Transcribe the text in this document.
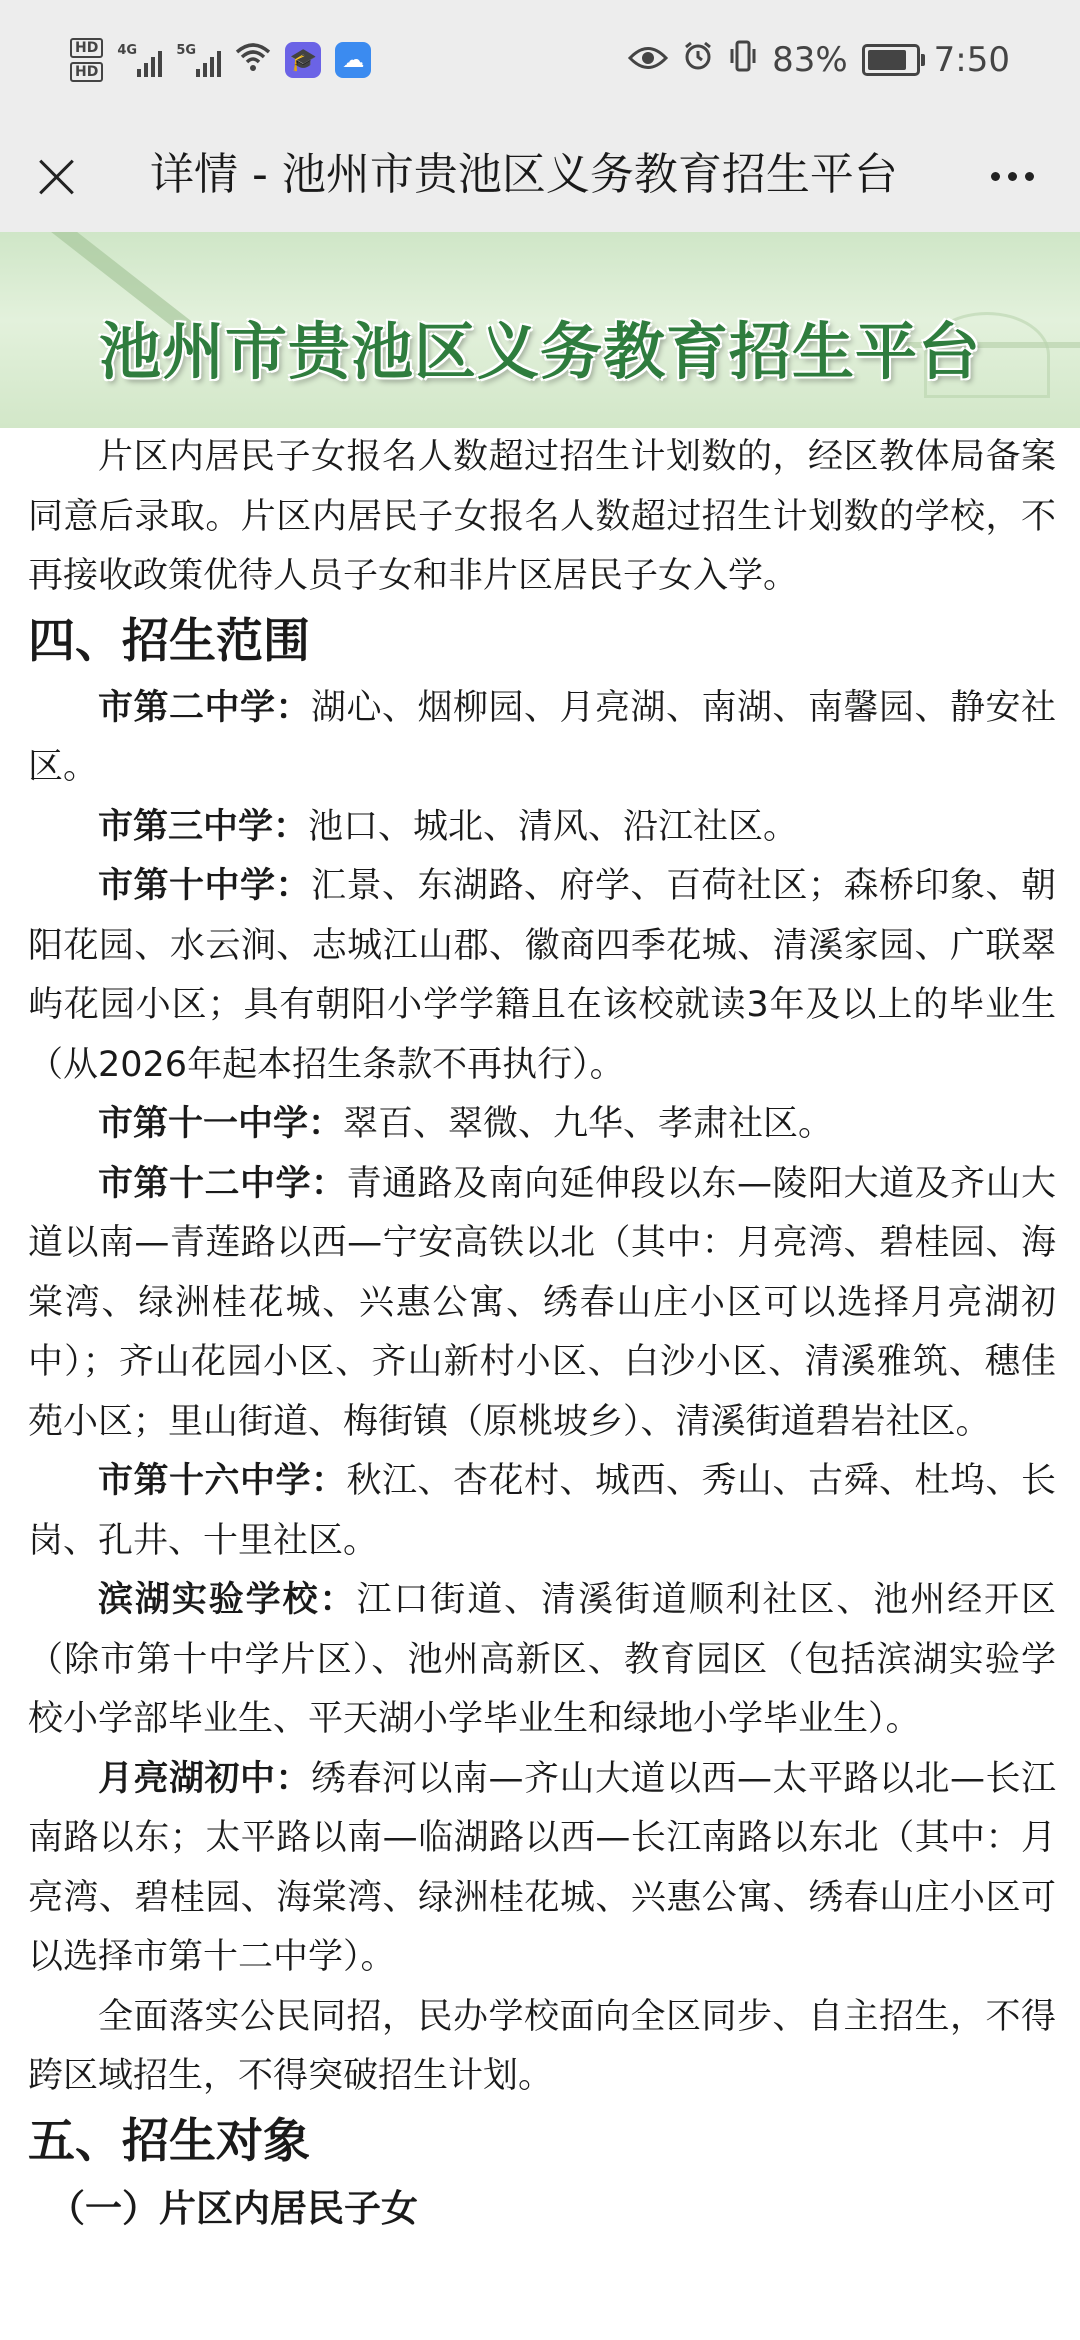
HD
HD
4G	5G	🎓	☁	83%	7:50
详情 - 池州市贵池区义务教育招生平台
池州市贵池区义务教育招生平台

片区内居民子女报名人数超过招生计划数的，经区教体局备案同意后录取。片区内居民子女报名人数超过招生计划数的学校，不再接收政策优待人员子女和非片区居民子女入学。

四、招生范围

市第二中学：湖心、烟柳园、月亮湖、南湖、南馨园、静安社区。

市第三中学：池口、城北、清风、沿江社区。

市第十中学：汇景、东湖路、府学、百荷社区；森桥印象、朝阳花园、水云涧、志城江山郡、徽商四季花城、清溪家园、广联翠屿花园小区；具有朝阳小学学籍且在该校就读3年及以上的毕业生（从2026年起本招生条款不再执行）。

市第十一中学：翠百、翠微、九华、孝肃社区。

市第十二中学：青通路及南向延伸段以东—陵阳大道及齐山大道以南—青莲路以西—宁安高铁以北（其中：月亮湾、碧桂园、海棠湾、绿洲桂花城、兴惠公寓、绣春山庄小区可以选择月亮湖初中）；齐山花园小区、齐山新村小区、白沙小区、清溪雅筑、穗佳苑小区；里山街道、梅街镇（原桃坡乡）、清溪街道碧岩社区。

市第十六中学：秋江、杏花村、城西、秀山、古舜、杜坞、长岗、孔井、十里社区。

滨湖实验学校：江口街道、清溪街道顺利社区、池州经开区（除市第十中学片区）、池州高新区、教育园区（包括滨湖实验学校小学部毕业生、平天湖小学毕业生和绿地小学毕业生）。

月亮湖初中：绣春河以南—齐山大道以西—太平路以北—长江南路以东；太平路以南—临湖路以西—长江南路以东北（其中：月亮湾、碧桂园、海棠湾、绿洲桂花城、兴惠公寓、绣春山庄小区可以选择市第十二中学）。

全面落实公民同招，民办学校面向全区同步、自主招生，不得跨区域招生，不得突破招生计划。

五、招生对象
（一）片区内居民子女
